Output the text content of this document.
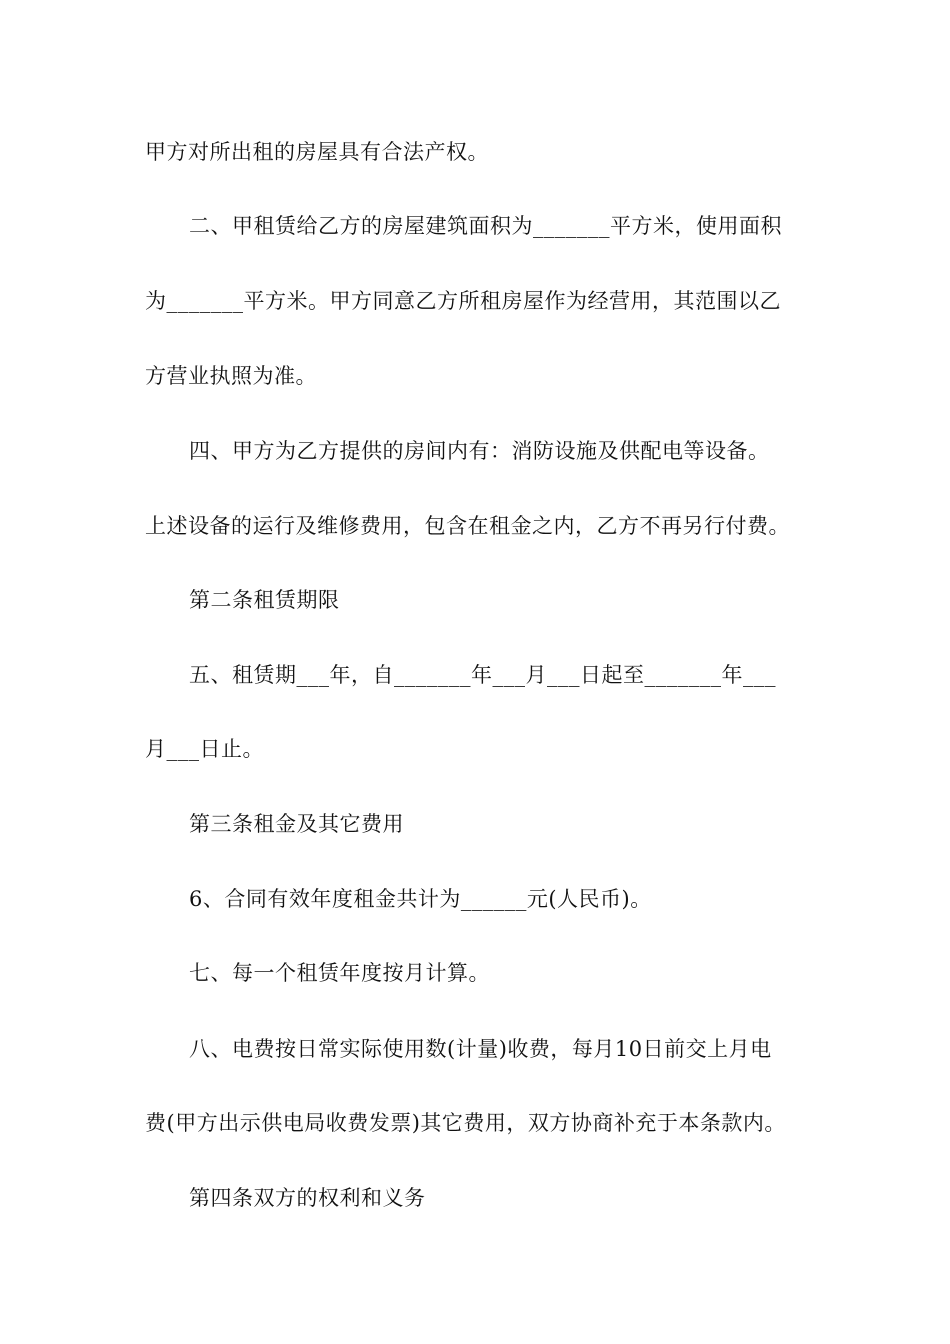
甲方对所出租的房屋具有合法产权。
二、甲租赁给乙方的房屋建筑面积为_______平方米，使用面积
为_______平方米。甲方同意乙方所租房屋作为经营用，其范围以乙
方营业执照为准。
四、甲方为乙方提供的房间内有：消防设施及供配电等设备。
上述设备的运行及维修费用，包含在租金之内，乙方不再另行付费。
第二条租赁期限
五、租赁期___年，自_______年___月___日起至_______年___
月___日止。
第三条租金及其它费用
6、合同有效年度租金共计为______元(人民币)。
七、每一个租赁年度按月计算。
八、电费按日常实际使用数(计量)收费，每月10日前交上月电
费(甲方出示供电局收费发票)其它费用，双方协商补充于本条款内。
第四条双方的权利和义务
